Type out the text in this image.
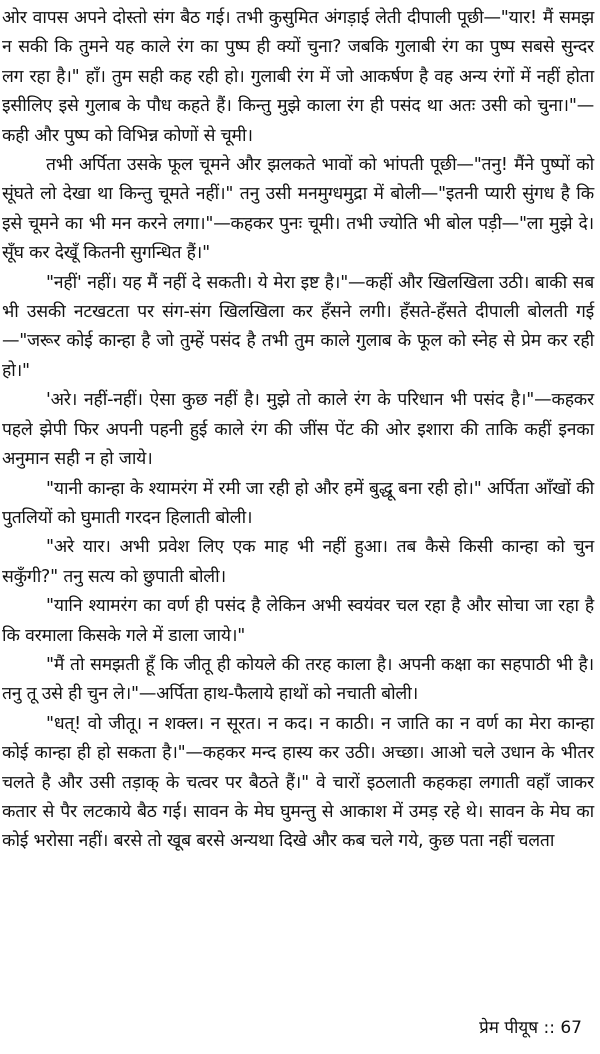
ओर वापस अपने दोस्तो संग बैठ गई। तभी कुसुमित अंगड़ाई लेती दीपाली पूछी—"यार! मैं समझ न सकी कि तुमने यह काले रंग का पुष्प ही क्यों चुना? जबकि गुलाबी रंग का पुष्प सबसे सुन्दर लग रहा है।" हाँ। तुम सही कह रही हो। गुलाबी रंग में जो आकर्षण है वह अन्य रंगों में नहीं होता इसीलिए इसे गुलाब के पौध कहते हैं। किन्तु मुझे काला रंग ही पसंद था अतः उसी को चुना।"—कही और पुष्प को विभिन्न कोणों से चूमी।

तभी अर्पिता उसके फूल चूमने और झलकते भावों को भांपती पूछी—"तनु! मैंने पुष्पों को सूंघते लो देखा था किन्तु चूमते नहीं।" तनु उसी मनमुग्धमुद्रा में बोली—"इतनी प्यारी सुंगध है कि इसे चूमने का भी मन करने लगा।"—कहकर पुनः चूमी। तभी ज्योति भी बोल पड़ी—"ला मुझे दे। सूँघ कर देखूँ कितनी सुगन्धित हैं।"

"नहीं' नहीं। यह मैं नहीं दे सकती। ये मेरा इष्ट है।"—कहीं और खिलखिला उठी। बाकी सब भी उसकी नटखटता पर संग-संग खिलखिला कर हँसने लगी। हँसते-हँसते दीपाली बोलती गई—"जरूर कोई कान्हा है जो तुम्हें पसंद है तभी तुम काले गुलाब के फूल को स्नेह से प्रेम कर रही हो।"

'अरे। नहीं-नहीं। ऐसा कुछ नहीं है। मुझे तो काले रंग के परिधान भी पसंद है।"—कहकर पहले झेपी फिर अपनी पहनी हुई काले रंग की जींस पेंट की ओर इशारा की ताकि कहीं इनका अनुमान सही न हो जाये।

"यानी कान्हा के श्यामरंग में रमी जा रही हो और हमें बुद्धू बना रही हो।" अर्पिता आँखों की पुतलियों को घुमाती गरदन हिलाती बोली।

"अरे यार। अभी प्रवेश लिए एक माह भी नहीं हुआ। तब कैसे किसी कान्हा को चुन सकुँगी?" तनु सत्य को छुपाती बोली।

"यानि श्यामरंग का वर्ण ही पसंद है लेकिन अभी स्वयंवर चल रहा है और सोचा जा रहा है कि वरमाला किसके गले में डाला जाये।"

"मैं तो समझती हूँ कि जीतू ही कोयले की तरह काला है। अपनी कक्षा का सहपाठी भी है। तनु तू उसे ही चुन ले।"—अर्पिता हाथ-फैलाये हाथों को नचाती बोली।

"धत्! वो जीतू। न शक्ल। न सूरत। न कद। न काठी। न जाति का न वर्ण का मेरा कान्हा कोई कान्हा ही हो सकता है।"—कहकर मन्द हास्य कर उठी। अच्छा। आओ चले उधान के भीतर चलते है और उसी तड़ाक् के चत्वर पर बैठते हैं।" वे चारों इठलाती कहकहा लगाती वहाँ जाकर कतार से पैर लटकाये बैठ गई। सावन के मेघ घुमन्तु से आकाश में उमड़ रहे थे। सावन के मेघ का कोई भरोसा नहीं। बरसे तो खूब बरसे अन्यथा दिखे और कब चले गये, कुछ पता नहीं चलता

प्रेम पीयूष :: 67
